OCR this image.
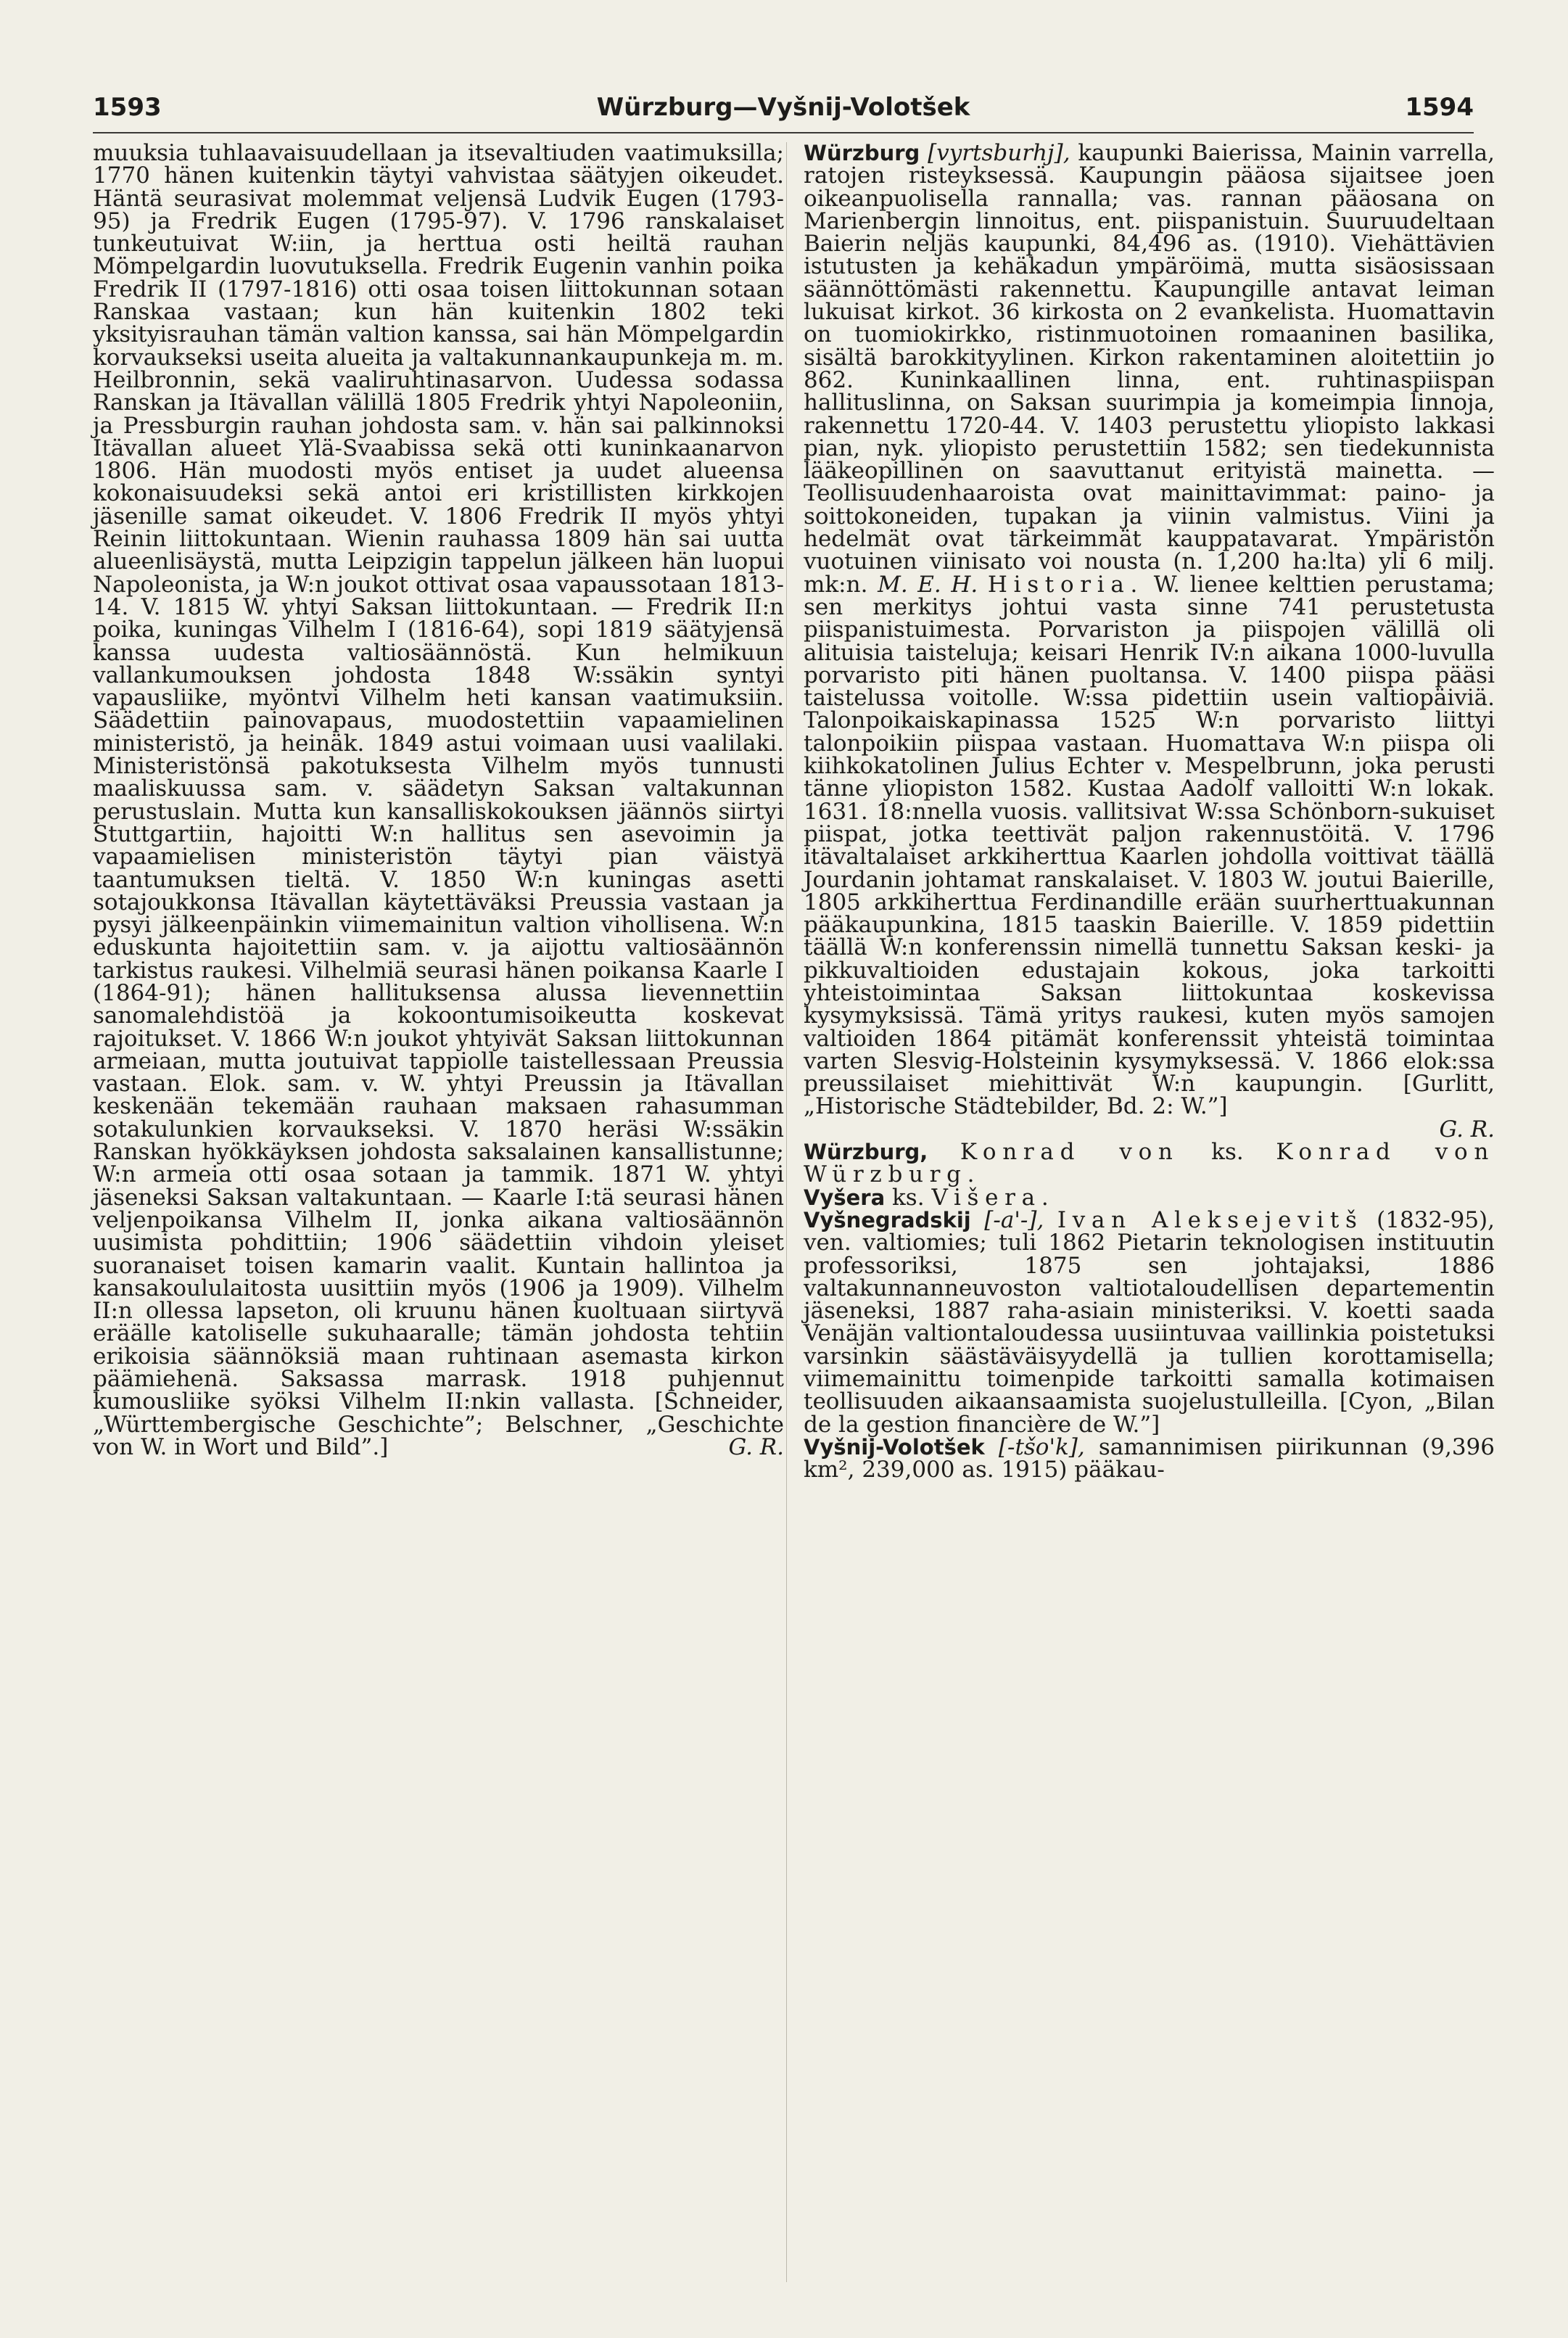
1593	Würzburg—Vyšnij-Volotšek	1594

muuksia tuhlaavaisuudellaan ja itsevaltiuden vaatimuksilla; 1770 hänen kuitenkin täytyi vahvistaa säätyjen oikeudet. Häntä seurasivat molemmat veljensä Ludvik Eugen (1793-95) ja Fredrik Eugen (1795-97). V. 1796 ranskalaiset tunkeutuivat W:iin, ja herttua osti heiltä rauhan Mömpelgardin luovutuksella. Fredrik Eugenin vanhin poika Fredrik II (1797-1816) otti osaa toisen liittokunnan sotaan Ranskaa vastaan; kun hän kuitenkin 1802 teki yksityisrauhan tämän valtion kanssa, sai hän Mömpelgardin korvaukseksi useita alueita ja valtakunnankaupunkeja m. m. Heilbronnin, sekä vaaliruhtinasarvon. Uudessa sodassa Ranskan ja Itävallan välillä 1805 Fredrik yhtyi Napoleoniin, ja Pressburgin rauhan johdosta sam. v. hän sai palkinnoksi Itävallan alueet Ylä-Svaabissa sekä otti kuninkaanarvon 1806. Hän muodosti myös entiset ja uudet alueensa kokonaisuudeksi sekä antoi eri kristillisten kirkkojen jäsenille samat oikeudet. V. 1806 Fredrik II myös yhtyi Reinin liittokuntaan. Wienin rauhassa 1809 hän sai uutta alueenlisäystä, mutta Leipzigin tappelun jälkeen hän luopui Napoleonista, ja W:n joukot ottivat osaa vapaussotaan 1813-14. V. 1815 W. yhtyi Saksan liittokuntaan. — Fredrik II:n poika, kuningas Vilhelm I (1816-64), sopi 1819 säätyjensä kanssa uudesta valtiosäännöstä. Kun helmikuun vallankumouksen johdosta 1848 W:ssäkin syntyi vapausliike, myöntvi Vilhelm heti kansan vaatimuksiin. Säädettiin painovapaus, muodostettiin vapaamielinen ministeristö, ja heinäk. 1849 astui voimaan uusi vaalilaki. Ministeristönsä pakotuksesta Vilhelm myös tunnusti maaliskuussa sam. v. säädetyn Saksan valtakunnan perustuslain. Mutta kun kansalliskokouksen jäännös siirtyi Stuttgartiin, hajoitti W:n hallitus sen asevoimin ja vapaamielisen ministeristön täytyi pian väistyä taantumuksen tieltä. V. 1850 W:n kuningas asetti sotajoukkonsa Itävallan käytettäväksi Preussia vastaan ja pysyi jälkeenpäinkin viimemainitun valtion vihollisena. W:n eduskunta hajoitettiin sam. v. ja aijottu valtiosäännön tarkistus raukesi. Vilhelmiä seurasi hänen poikansa Kaarle I (1864-91); hänen hallituksensa alussa lievennettiin sanomalehdistöä ja kokoontumisoikeutta koskevat rajoitukset. V. 1866 W:n joukot yhtyivät Saksan liittokunnan armeiaan, mutta joutuivat tappiolle taistellessaan Preussia vastaan. Elok. sam. v. W. yhtyi Preussin ja Itävallan keskenään tekemään rauhaan maksaen rahasumman sotakulunkien korvaukseksi. V. 1870 heräsi W:ssäkin Ranskan hyökkäyksen johdosta saksalainen kansallistunne; W:n armeia otti osaa sotaan ja tammik. 1871 W. yhtyi jäseneksi Saksan valtakuntaan. — Kaarle I:tä seurasi hänen veljenpoikansa Vilhelm II, jonka aikana valtiosäännön uusimista pohdittiin; 1906 säädettiin vihdoin yleiset suoranaiset toisen kamarin vaalit. Kuntain hallintoa ja kansakoululaitosta uusittiin myös (1906 ja 1909). Vilhelm II:n ollessa lapseton, oli kruunu hänen kuoltuaan siirtyvä eräälle katoliselle sukuhaaralle; tämän johdosta tehtiin erikoisia säännöksiä maan ruhtinaan asemasta kirkon päämiehenä. Saksassa marrask. 1918 puhjennut kumousliike syöksi Vilhelm II:nkin vallasta. [Schneider, „Württembergische Geschichte”; Belschner, „Geschichte von W. in Wort und Bild”.]	G. R.

Würzburg [vyrtsburhj], kaupunki Baierissa, Mainin varrella, ratojen risteyksessä. Kaupungin pääosa sijaitsee joen oikeanpuolisella rannalla; vas. rannan pääosana on Marienbergin linnoitus, ent. piispanistuin. Suuruudeltaan Baierin neljäs kaupunki, 84,496 as. (1910). Viehättävien istutusten ja kehäkadun ympäröimä, mutta sisäosissaan säännöttömästi rakennettu. Kaupungille antavat leiman lukuisat kirkot. 36 kirkosta on 2 evankelista. Huomattavin on tuomiokirkko, ristinmuotoinen romaaninen basilika, sisältä barokkityylinen. Kirkon rakentaminen aloitettiin jo 862. Kuninkaallinen linna, ent. ruhtinaspiispan hallituslinna, on Saksan suurimpia ja komeimpia linnoja, rakennettu 1720-44. V. 1403 perustettu yliopisto lakkasi pian, nyk. yliopisto perustettiin 1582; sen tiedekunnista lääkeopillinen on saavuttanut erityistä mainetta. — Teollisuudenhaaroista ovat mainittavimmat: paino- ja soittokoneiden, tupakan ja viinin valmistus. Viini ja hedelmät ovat tärkeimmät kauppatavarat. Ympäristön vuotuinen viinisato voi nousta (n. 1,200 ha:lta) yli 6 milj. mk:n. M. E. H. Historia. W. lienee kelttien perustama; sen merkitys johtui vasta sinne 741 perustetusta piispanistuimesta. Porvariston ja piispojen välillä oli alituisia taisteluja; keisari Henrik IV:n aikana 1000-luvulla porvaristo piti hänen puoltansa. V. 1400 piispa pääsi taistelussa voitolle. W:ssa pidettiin usein valtiopäiviä. Talonpoikaiskapinassa 1525 W:n porvaristo liittyi talonpoikiin piispaa vastaan. Huomattava W:n piispa oli kiihkokatolinen Julius Echter v. Mespelbrunn, joka perusti tänne yliopiston 1582. Kustaa Aadolf valloitti W:n lokak. 1631. 18:nnella vuosis. vallitsivat W:ssa Schönborn-sukuiset piispat, jotka teettivät paljon rakennustöitä. V. 1796 itävaltalaiset arkkiherttua Kaarlen johdolla voittivat täällä Jourdanin johtamat ranskalaiset. V. 1803 W. joutui Baierille, 1805 arkkiherttua Ferdinandille erään suurherttuakunnan pääkaupunkina, 1815 taaskin Baierille. V. 1859 pidettiin täällä W:n konferenssin nimellä tunnettu Saksan keski- ja pikkuvaltioiden edustajain kokous, joka tarkoitti yhteistoimintaa Saksan liittokuntaa koskevissa kysymyksissä. Tämä yritys raukesi, kuten myös samojen valtioiden 1864 pitämät konferenssit yhteistä toimintaa varten Slesvig-Holsteinin kysymyksessä. V. 1866 elok:ssa preussilaiset miehittivät W:n kaupungin. [Gurlitt, „Historische Städtebilder, Bd. 2: W.”]

G. R.

Würzburg, Konrad von ks. Konrad von Würzburg.

Vyšera ks. Višera.

Vyšnegradskij [-a'-], Ivan Aleksejevitš (1832-95), ven. valtiomies; tuli 1862 Pietarin teknologisen instituutin professoriksi, 1875 sen johtajaksi, 1886 valtakunnanneuvoston valtiotaloudellisen departementin jäseneksi, 1887 raha-asiain ministeriksi. V. koetti saada Venäjän valtiontaloudessa uusiintuvaa vaillinkia poistetuksi varsinkin säästäväisyydellä ja tullien korottamisella; viimemainittu toimenpide tarkoitti samalla kotimaisen teollisuuden aikaansaamista suojelustulleilla. [Cyon, „Bilan de la gestion financière de W.”]

Vyšnij-Volotšek [-tšo'k], samannimisen piirikunnan (9,396 km², 239,000 as. 1915) pääkau-
